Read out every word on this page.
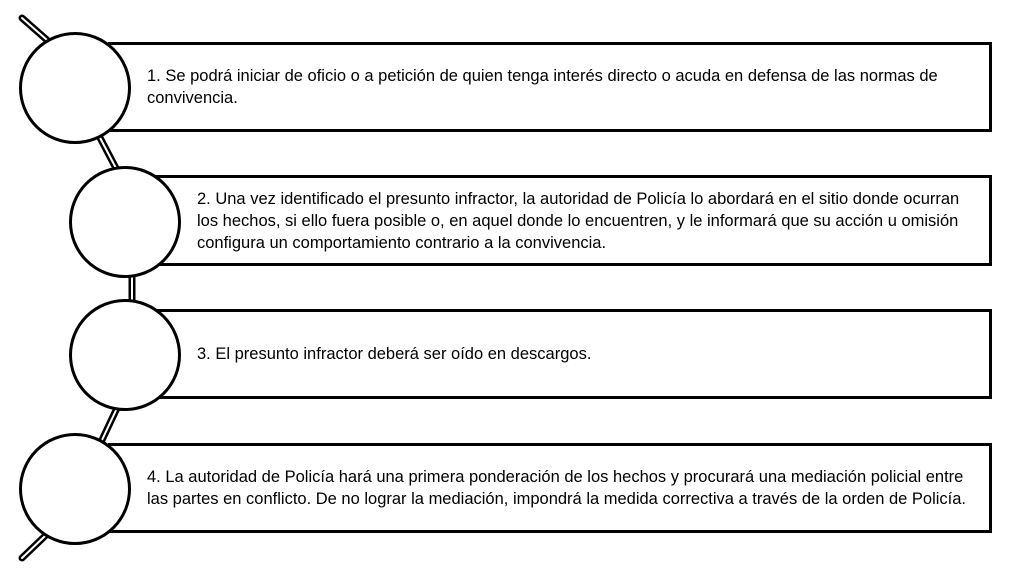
1. Se podrá iniciar de oficio o a petición de quien tenga interés directo o acuda en defensa de las normas de convivencia.

2. Una vez identificado el presunto infractor, la autoridad de Policía lo abordará en el sitio donde ocurran los hechos, si ello fuera posible o, en aquel donde lo encuentren, y le informará que su acción u omisión configura un comportamiento contrario a la convivencia.

3. El presunto infractor deberá ser oído en descargos.

4. La autoridad de Policía hará una primera ponderación de los hechos y procurará una mediación policial entre las partes en conflicto. De no lograr la mediación, impondrá la medida correctiva a través de la orden de Policía.
